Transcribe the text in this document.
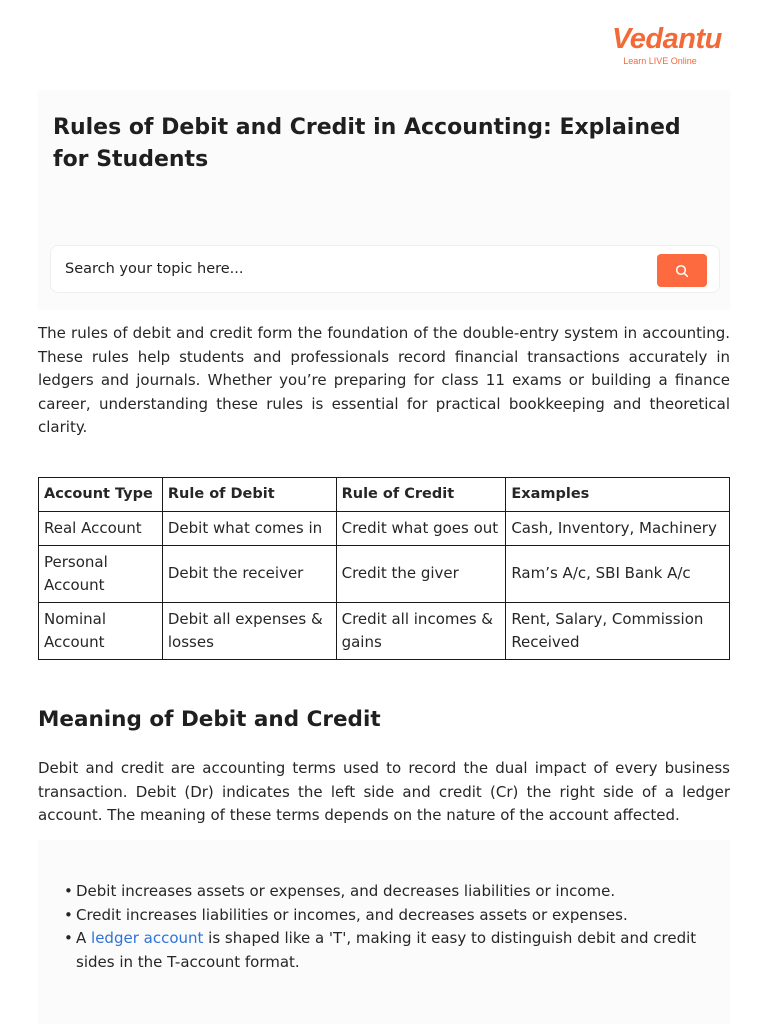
Vedantu
Learn LIVE Online
Rules of Debit and Credit in Accounting: Explained for Students
Search your topic here...

The rules of debit and credit form the foundation of the double-entry system in accounting. These rules help students and professionals record financial transactions accurately in ledgers and journals. Whether you’re preparing for class 11 exams or building a finance career, understanding these rules is essential for practical bookkeeping and theoretical clarity.

Account Type	Rule of Debit	Rule of Credit	Examples
Real Account	Debit what comes in	Credit what goes out	Cash, Inventory, Machinery
Personal Account	Debit the receiver	Credit the giver	Ram’s A/c, SBI Bank A/c
Nominal Account	Debit all expenses & losses	Credit all incomes & gains	Rent, Salary, Commission Received
Meaning of Debit and Credit

Debit and credit are accounting terms used to record the dual impact of every business transaction. Debit (Dr) indicates the left side and credit (Cr) the right side of a ledger account. The meaning of these terms depends on the nature of the account affected.

• Debit increases assets or expenses, and decreases liabilities or income.
• Credit increases liabilities or incomes, and decreases assets or expenses.
• A ledger account is shaped like a 'T', making it easy to distinguish debit and credit sides in the T-account format.
